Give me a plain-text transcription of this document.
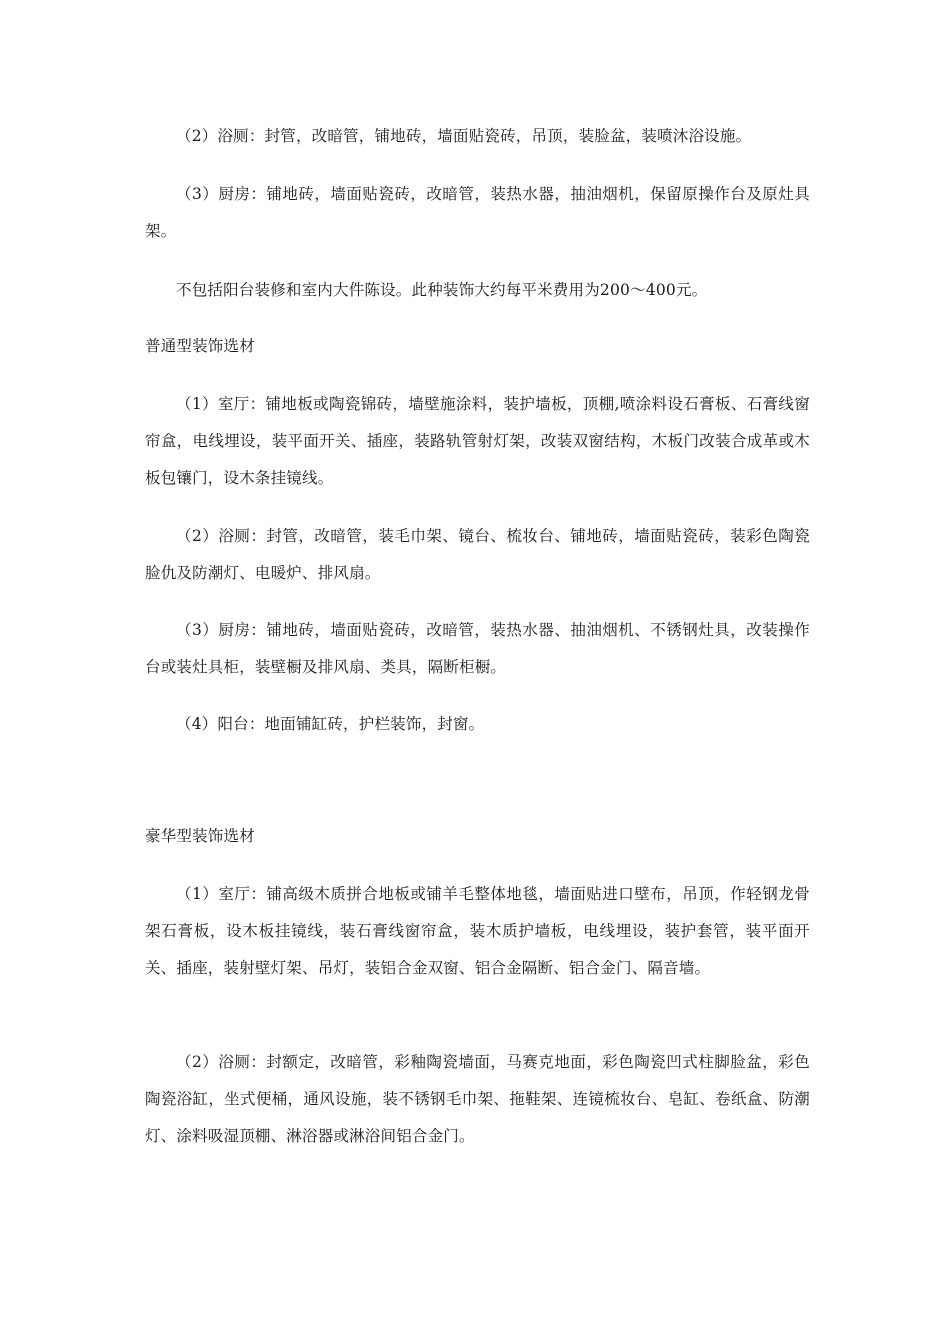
（2）浴厕：封管，改暗管，铺地砖，墙面贴瓷砖，吊顶，装脸盆，装喷沐浴设施。

（3）厨房：铺地砖，墙面贴瓷砖，改暗管，装热水器，抽油烟机，保留原操作台及原灶具架。

不包括阳台装修和室内大件陈设。此种装饰大约每平米费用为200～400元。

普通型装饰选材

（1）室厅：铺地板或陶瓷锦砖，墙壁施涂料，装护墙板，顶棚,喷涂料设石膏板、石膏线窗帘盒，电线埋设，装平面开关、插座，装路轨管射灯架，改装双窗结构，木板门改装合成革或木板包镶门，设木条挂镜线。

（2）浴厕：封管，改暗管，装毛巾架、镜台、梳妆台、铺地砖，墙面贴瓷砖，装彩色陶瓷脸仇及防潮灯、电暖炉、排风扇。

（3）厨房：铺地砖，墙面贴瓷砖，改暗管，装热水器、抽油烟机、不锈钢灶具，改装操作台或装灶具柜，装壁橱及排风扇、类具，隔断柜橱。

（4）阳台：地面铺缸砖，护栏装饰，封窗。

豪华型装饰选材

（1）室厅：铺高级木质拼合地板或铺羊毛整体地毯，墙面贴进口壁布，吊顶，作轻钢龙骨架石膏板，设木板挂镜线，装石膏线窗帘盒，装木质护墙板，电线埋设，装护套管，装平面开关、插座，装射壁灯架、吊灯，装铝合金双窗、铝合金隔断、铝合金门、隔音墙。

（2）浴厕：封额定，改暗管，彩釉陶瓷墙面，马赛克地面，彩色陶瓷凹式柱脚脸盆，彩色陶瓷浴缸，坐式便桶，通风设施，装不锈钢毛巾架、拖鞋架、连镜梳妆台、皂缸、卷纸盒、防潮灯、涂料吸湿顶棚、淋浴器或淋浴间铝合金门。
